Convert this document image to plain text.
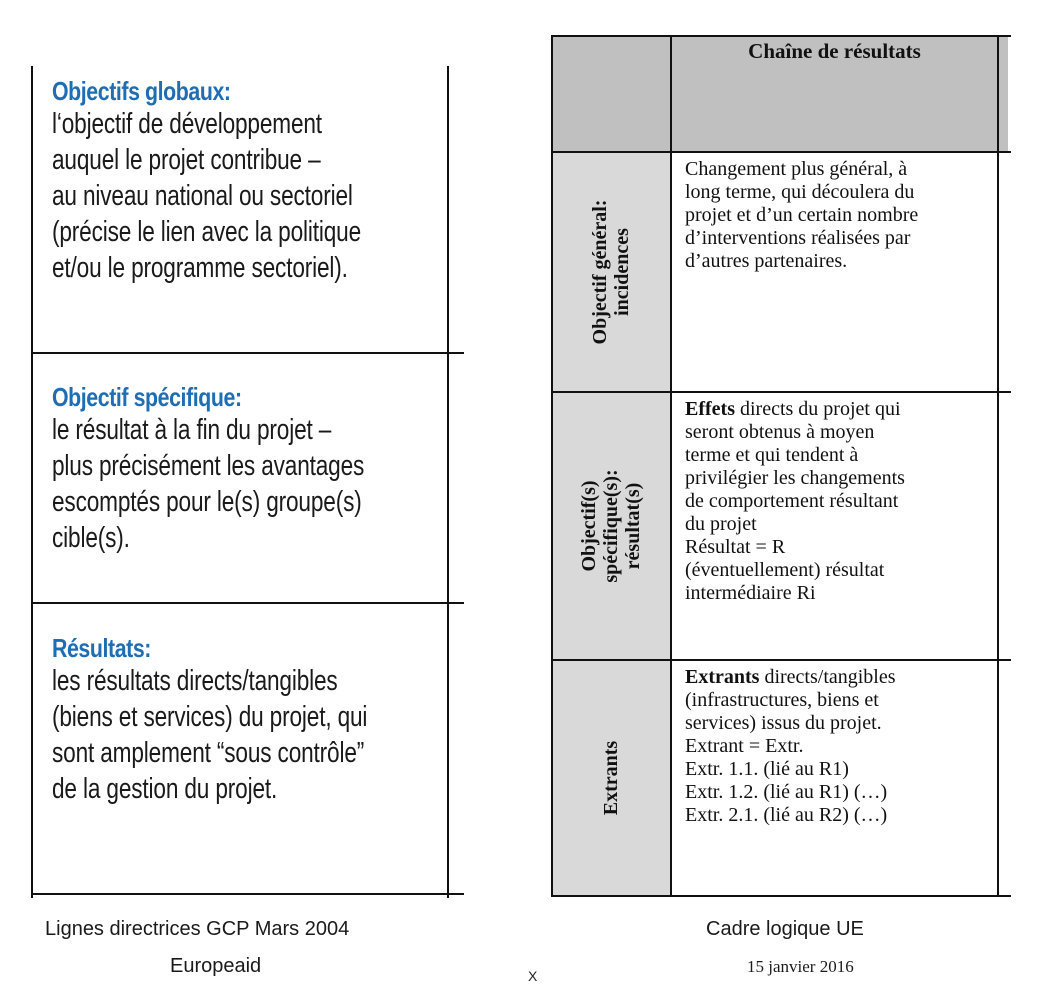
Objectifs globaux:
l‘objectif de développement
auquel le projet contribue –
au niveau national ou sectoriel
(précise le lien avec la politique
et/ou le programme sectoriel).
Objectif spécifique:
le résultat à la fin du projet –
plus précisément les avantages
escomptés pour le(s) groupe(s)
cible(s).
Résultats:
les résultats directs/tangibles
(biens et services) du projet, qui
sont amplement “sous contrôle”
de la gestion du projet.
Lignes directrices GCP Mars 2004
Europeaid	X
Chaîne de résultats
Objectif général: incidences
Changement plus général, à
long terme, qui découlera du
projet et d’un certain nombre
d’interventions réalisées par
d’autres partenaires.
Objectif(s) spécifique(s): résultat(s)
Effets directs du projet qui
seront obtenus à moyen
terme et qui tendent à
privilégier les changements
de comportement résultant
du projet
Résultat = R
(éventuellement) résultat
intermédiaire Ri
Extrants
Extrants directs/tangibles
(infrastructures, biens et
services) issus du projet.
Extrant = Extr.
Extr. 1.1. (lié au R1)
Extr. 1.2. (lié au R1) (…)
Extr. 2.1. (lié au R2) (…)
Cadre logique UE
15 janvier 2016
